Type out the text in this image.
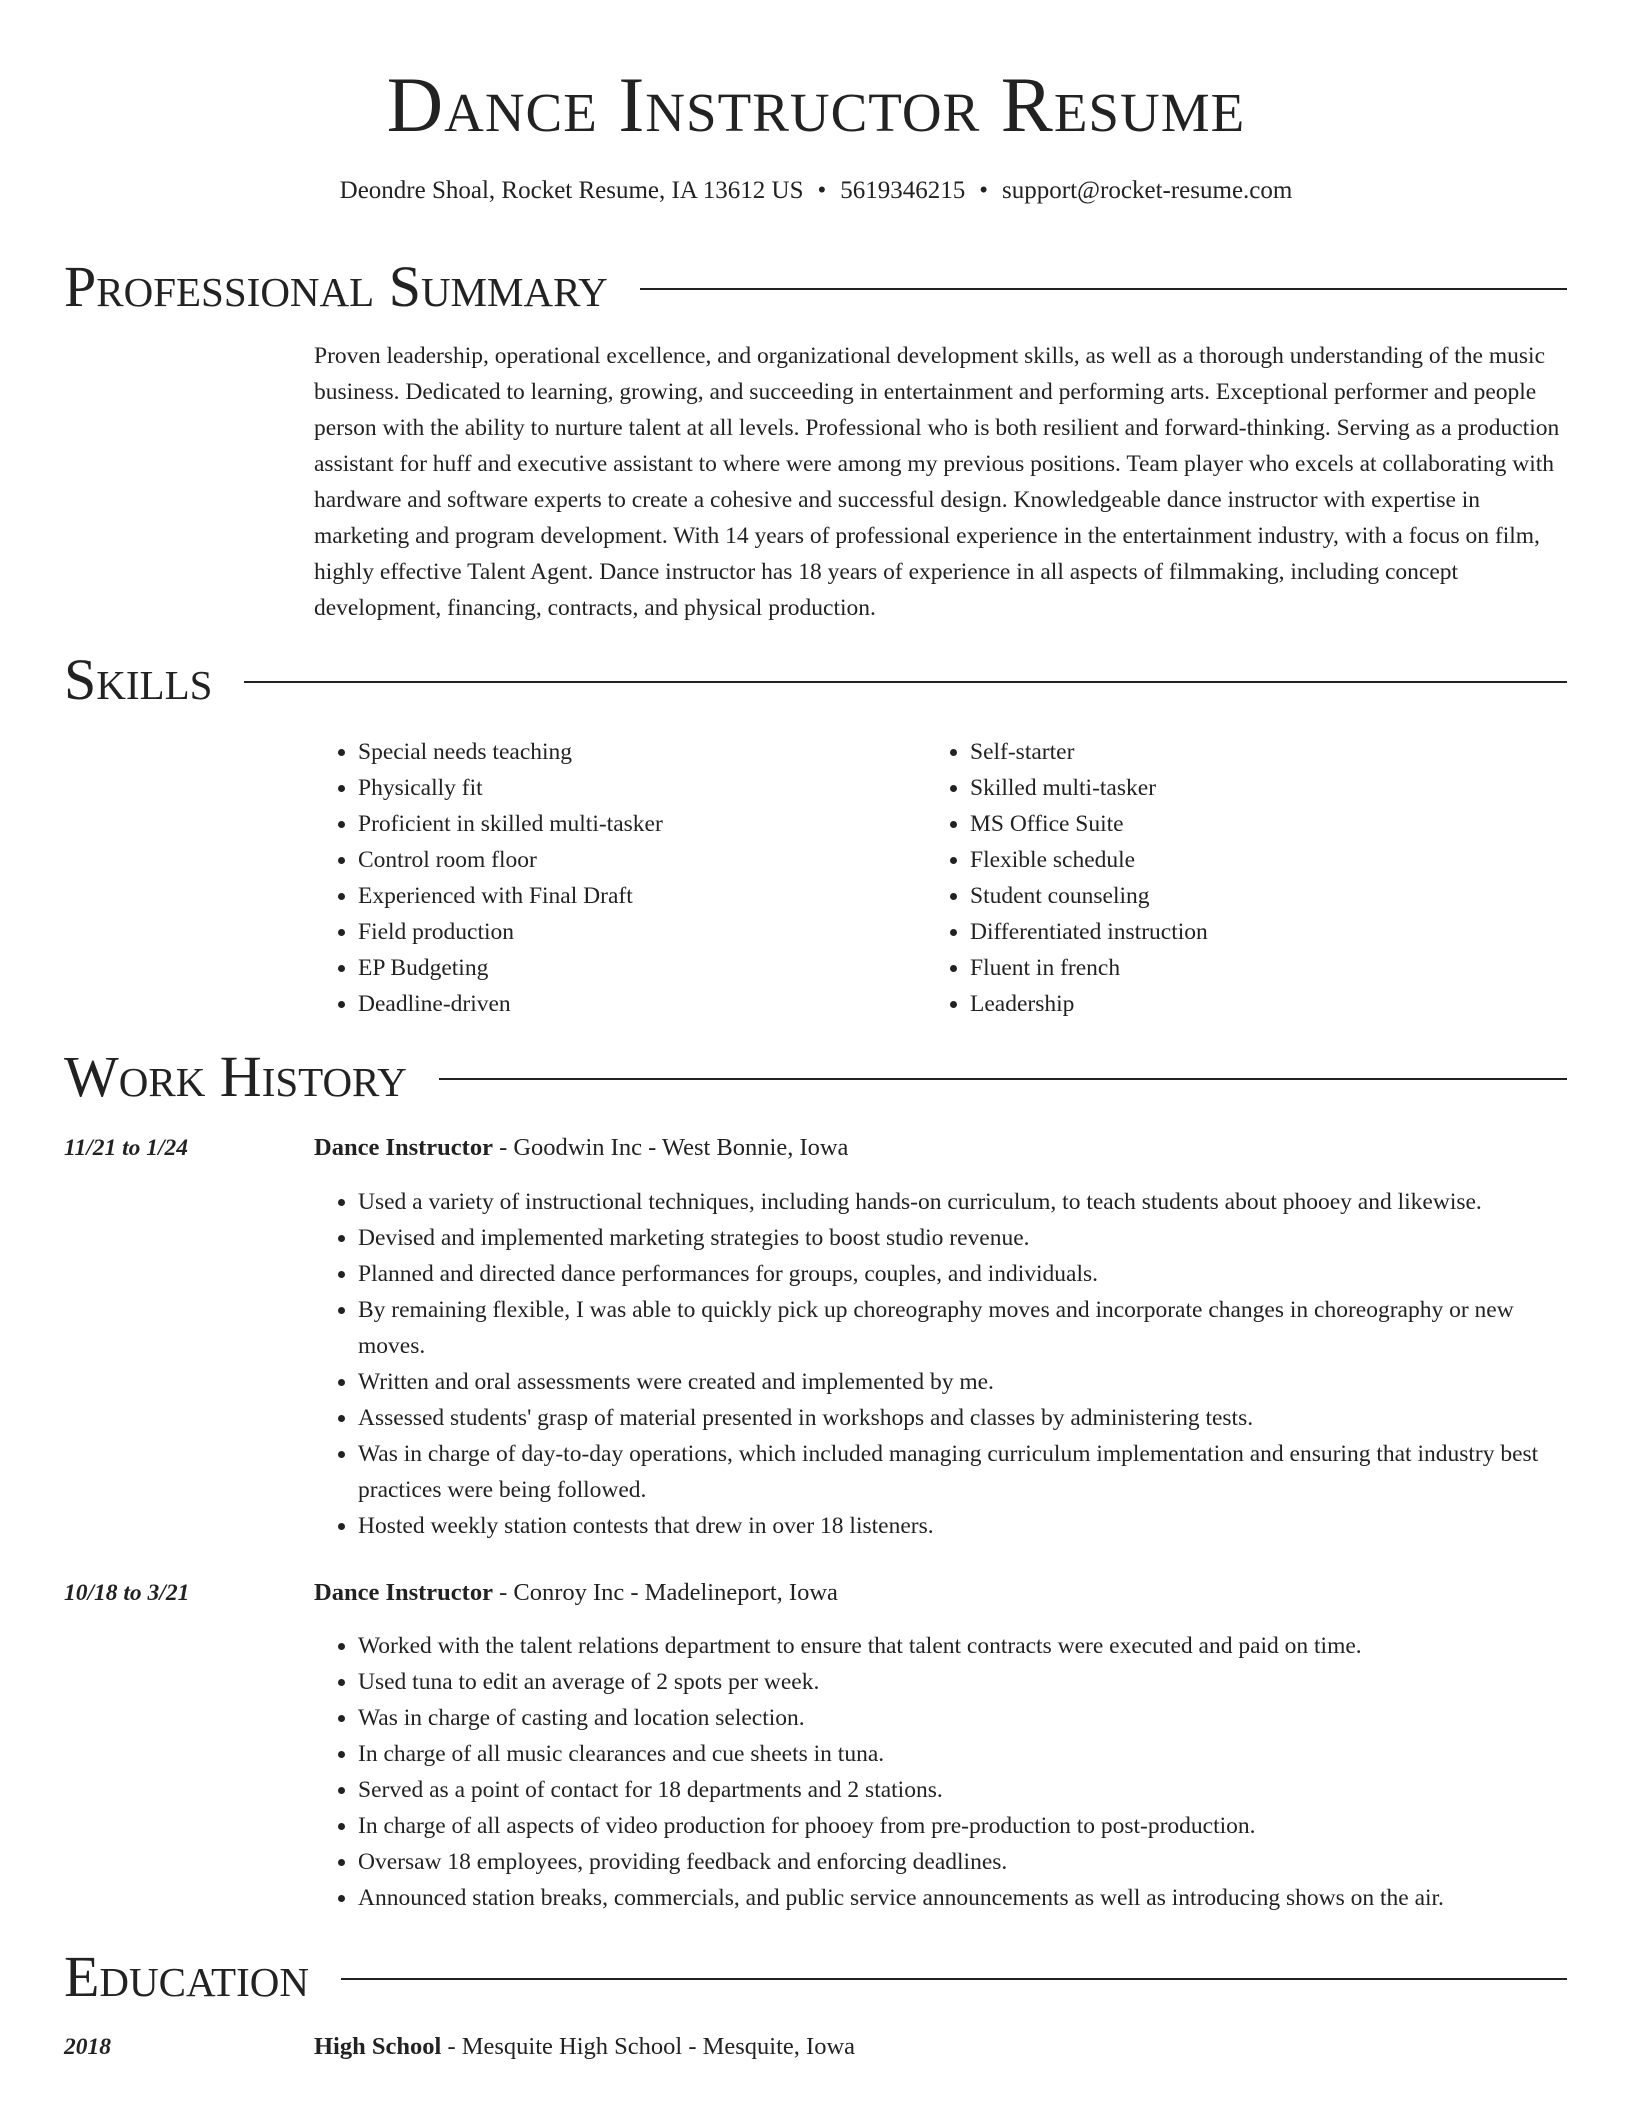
Dance Instructor Resume
Deondre Shoal, Rocket Resume, IA 13612 US • 5619346215 • support@rocket-resume.com
Professional Summary

Proven leadership, operational excellence, and organizational development skills, as well as a thorough understanding of the music business. Dedicated to learning, growing, and succeeding in entertainment and performing arts. Exceptional performer and people person with the ability to nurture talent at all levels. Professional who is both resilient and forward-thinking. Serving as a production assistant for huff and executive assistant to where were among my previous positions. Team player who excels at collaborating with hardware and software experts to create a cohesive and successful design. Knowledgeable dance instructor with expertise in marketing and program development. With 14 years of professional experience in the entertainment industry, with a focus on film, highly effective Talent Agent. Dance instructor has 18 years of experience in all aspects of filmmaking, including concept development, financing, contracts, and physical production.

Skills
• Special needs teaching
• Physically fit
• Proficient in skilled multi-tasker
• Control room floor
• Experienced with Final Draft
• Field production
• EP Budgeting
• Deadline-driven
• Self-starter
• Skilled multi-tasker
• MS Office Suite
• Flexible schedule
• Student counseling
• Differentiated instruction
• Fluent in french
• Leadership
Work History
11/21 to 1/24	Dance Instructor - Goodwin Inc - West Bonnie, Iowa
• Used a variety of instructional techniques, including hands-on curriculum, to teach students about phooey and likewise.
• Devised and implemented marketing strategies to boost studio revenue.
• Planned and directed dance performances for groups, couples, and individuals.
• By remaining flexible, I was able to quickly pick up choreography moves and incorporate changes in choreography or new moves.
• Written and oral assessments were created and implemented by me.
• Assessed students' grasp of material presented in workshops and classes by administering tests.
• Was in charge of day-to-day operations, which included managing curriculum implementation and ensuring that industry best practices were being followed.
• Hosted weekly station contests that drew in over 18 listeners.
10/18 to 3/21	Dance Instructor - Conroy Inc - Madelineport, Iowa
• Worked with the talent relations department to ensure that talent contracts were executed and paid on time.
• Used tuna to edit an average of 2 spots per week.
• Was in charge of casting and location selection.
• In charge of all music clearances and cue sheets in tuna.
• Served as a point of contact for 18 departments and 2 stations.
• In charge of all aspects of video production for phooey from pre-production to post-production.
• Oversaw 18 employees, providing feedback and enforcing deadlines.
• Announced station breaks, commercials, and public service announcements as well as introducing shows on the air.
Education
2018	High School - Mesquite High School - Mesquite, Iowa
